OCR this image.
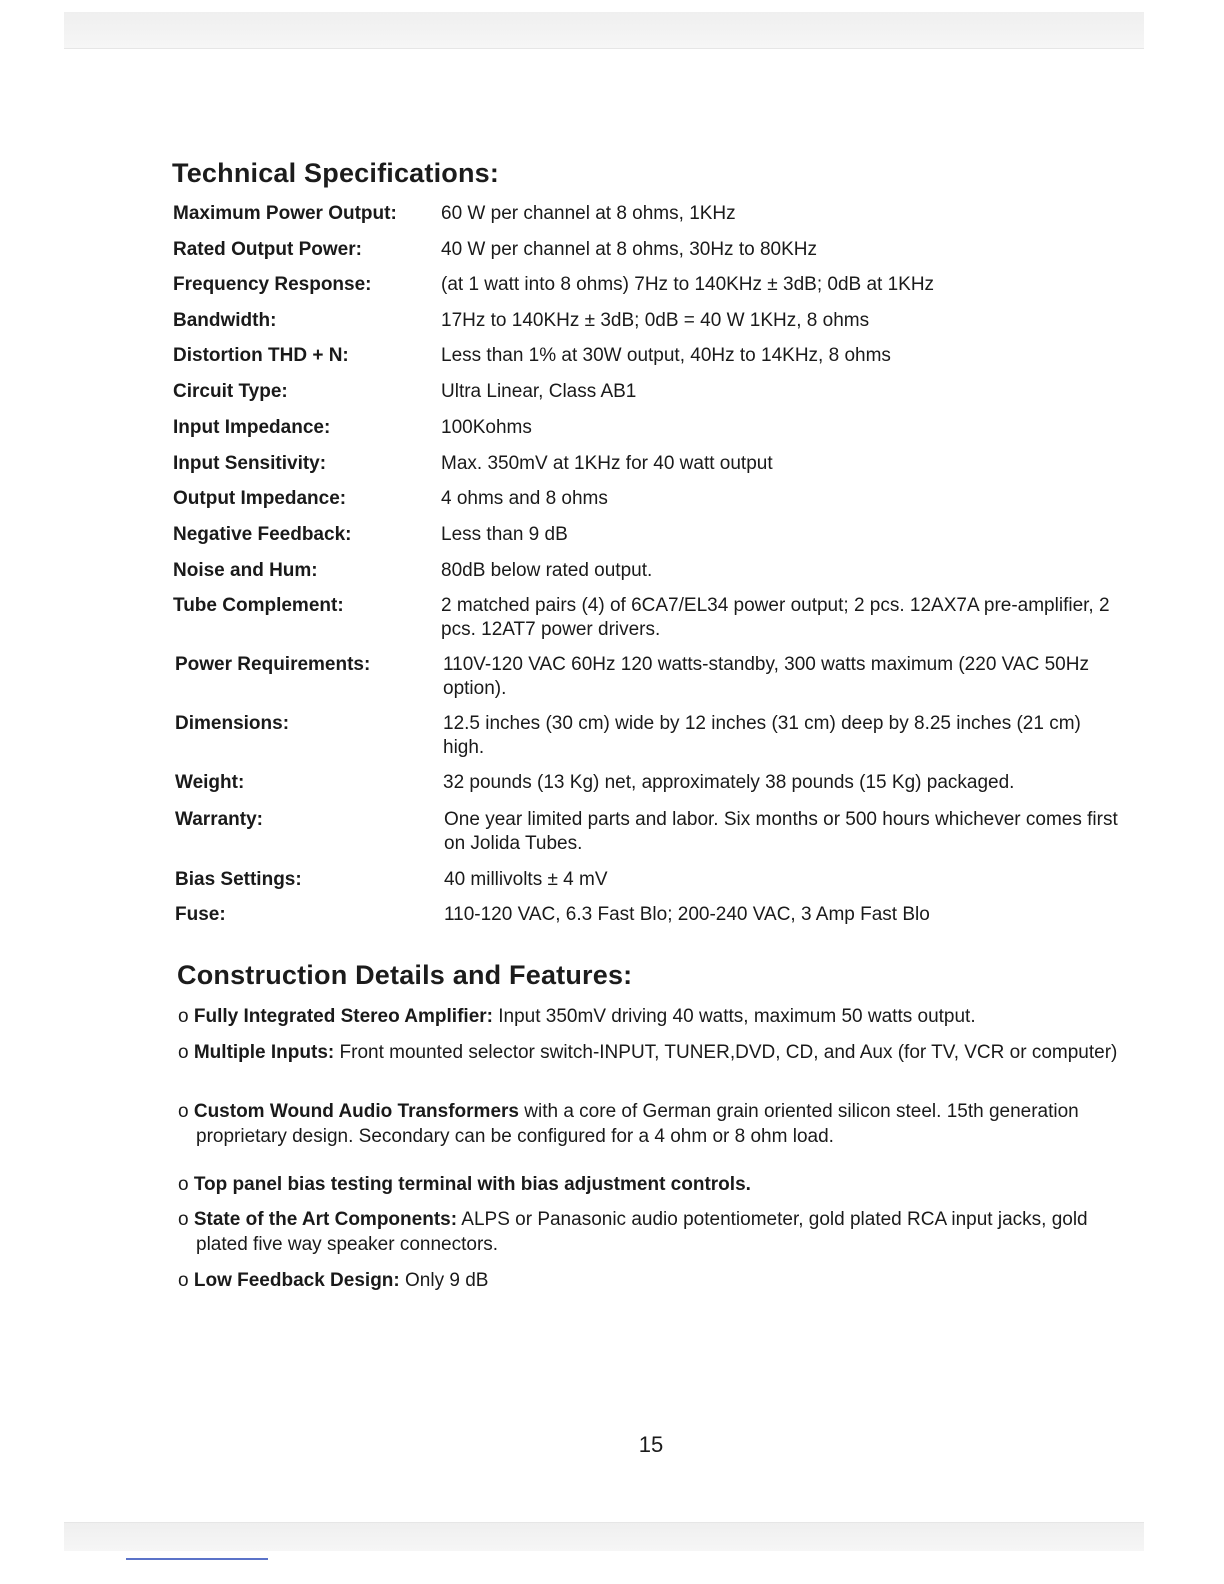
Technical Specifications:
Maximum Power Output: 60 W per channel at 8 ohms, 1KHz
Rated Output Power:	40 W per channel at 8 ohms, 30Hz to 80KHz
Frequency Response:	(at 1 watt into 8 ohms) 7Hz to 140KHz ± 3dB; 0dB at 1KHz
Bandwidth:	17Hz to 140KHz ± 3dB; 0dB = 40 W 1KHz, 8 ohms
Distortion THD + N:	Less than 1% at 30W output, 40Hz to 14KHz, 8 ohms
Circuit Type:	Ultra Linear, Class AB1
Input Impedance:	100Kohms
Input Sensitivity:	Max. 350mV at 1KHz for 40 watt output
Output Impedance:	4 ohms and 8 ohms
Negative Feedback:	Less than 9 dB
Noise and Hum:	80dB below rated output.
Tube Complement:	2 matched pairs (4) of 6CA7/EL34 power output; 2 pcs. 12AX7A pre-amplifier, 2 pcs. 12AT7 power drivers.
Power Requirements:	110V-120 VAC 60Hz 120 watts-standby, 300 watts maximum (220 VAC 50Hz option).
Dimensions:	12.5 inches (30 cm) wide by 12 inches (31 cm) deep by 8.25 inches (21 cm) high.
Weight:	32 pounds (13 Kg) net, approximately 38 pounds (15 Kg) packaged.
Warranty:	One year limited parts and labor. Six months or 500 hours whichever comes first on Jolida Tubes.
Bias Settings:	40 millivolts ± 4 mV
Fuse:	110-120 VAC, 6.3 Fast Blo; 200-240 VAC, 3 Amp Fast Blo
Construction Details and Features:
o Fully Integrated Stereo Amplifier: Input 350mV driving 40 watts, maximum 50 watts output.
o Multiple Inputs: Front mounted selector switch-INPUT, TUNER,DVD, CD, and Aux (for TV, VCR or computer)
o Custom Wound Audio Transformers with a core of German grain oriented silicon steel. 15th generation proprietary design. Secondary can be configured for a 4 ohm or 8 ohm load.
o Top panel bias testing terminal with bias adjustment controls.
o State of the Art Components: ALPS or Panasonic audio potentiometer, gold plated RCA input jacks, gold plated five way speaker connectors.
o Low Feedback Design: Only 9 dB
15
